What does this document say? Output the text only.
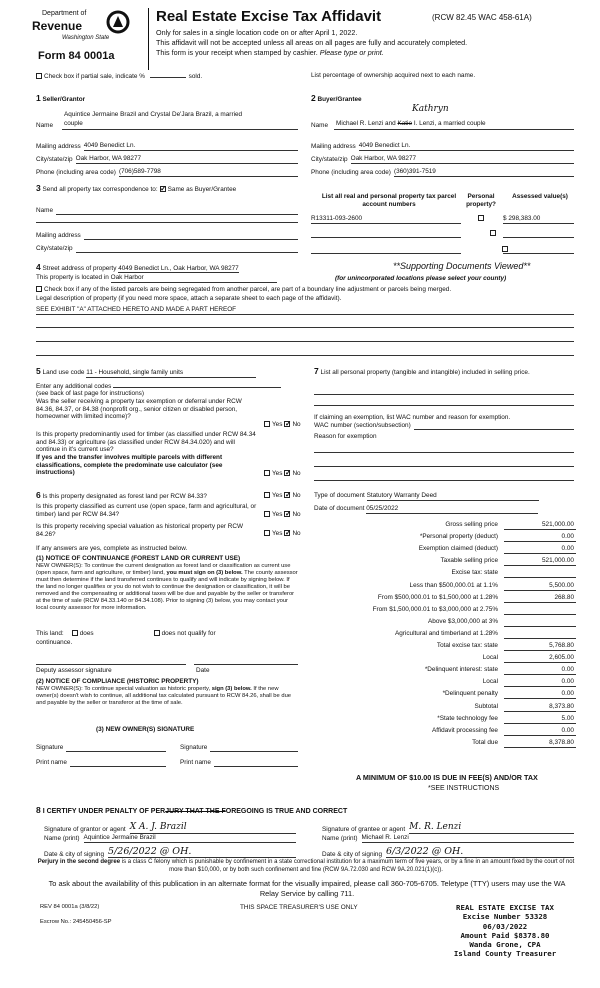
Department of
Revenue
Washington State
Form 84 0001a
Real Estate Excise Tax Affidavit	(RCW 82.45 WAC 458-61A)
Only for sales in a single location code on or after April 1, 2022.
This affidavit will not be accepted unless all areas on all pages are fully and accurately completed.
This form is your receipt when stamped by cashier. Please type or print.
Check box if partial sale, indicate %	sold.	List percentage of ownership acquired next to each name.
1 Seller/Grantor
Aquintice Jermaine Brazil and Crystal De'Jara Brazil, a married
Name	couple
Mailing address 4049 Benedict Ln.
City/state/zip Oak Harbor, WA 98277
Phone (including area code) (706)589-7798
2 Buyer/Grantee
Kathryn
Name	Michael R. Lenzi and Katie I. Lenzi, a married couple
Mailing address 4049 Benedict Ln.
City/state/zip Oak Harbor, WA 98277
Phone (including area code) (360)391-7519
3 Send all property tax correspondence to: ✓ Same as Buyer/Grantee
Name
Mailing address
City/state/zip
List all real and personal property tax parcel account numbers
Personal property?
Assessed value(s)
R13311-093-2600
	$ 298,383.00

4 Street address of property 4049 Benedict Ln., Oak Harbor, WA 98277	**Supporting Documents Viewed**
This property is located in Oak Harbor	(for unincorporated locations please select your county)
Check box if any of the listed parcels are being segregated from another parcel, are part of a boundary line adjustment or parcels being merged.
Legal description of property (if you need more space, attach a separate sheet to each page of the affidavit).
SEE EXHIBIT "A" ATTACHED HERETO AND MADE A PART HEREOF
5 Land use code 11 - Household, single family units
Enter any additional codes
(see back of last page for instructions)
Was the seller receiving a property tax exemption or deferral under RCW 84.36, 84.37, or 84.38 (nonprofit org., senior citizen or disabled person, homeowner with limited income)?
Yes ✓ No
Is this property predominantly used for timber (as classified under RCW 84.34 and 84.33) or agriculture (as classified under RCW 84.34.020) and will continue in it's current use?
If yes and the transfer involves multiple parcels with different classifications, complete the predominate use calculator (see instructions)	Yes ✓ No
7 List all personal property (tangible and intangible) included in selling price.
If claiming an exemption, list WAC number and reason for exemption.
WAC number (section/subsection)
Reason for exemption
6 Is this property designated as forest land per RCW 84.33?	Yes ✓ No
Is this property classified as current use (open space, farm and agricultural, or timber) land per RCW 84.34?	Yes ✓ No
Is this property receiving special valuation as historical property per RCW 84.26?	Yes ✓ No
If any answers are yes, complete as instructed below.
(1) NOTICE OF CONTINUANCE (FOREST LAND OR CURRENT USE)
NEW OWNER(S): To continue the current designation as forest land or classification as current use (open space, farm and agriculture, or timber) land, you must sign on (3) below. The county assessor must then determine if the land transferred continues to qualify and will indicate by signing below. If the land no longer qualifies or you do not wish to continue the designation or classification, it will be removed and the compensating or additional taxes will be due and payable by the seller or transferor at the time of sale (RCW 84.33.140 or 84.34.108). Prior to signing (3) below, you may contact your local county assessor for more information.
This land:	does	does not qualify for
continuance.
Deputy assessor signature	Date
(2) NOTICE OF COMPLIANCE (HISTORIC PROPERTY)
NEW OWNER(S): To continue special valuation as historic property, sign (3) below. If the new owner(s) doesn't wish to continue, all additional tax calculated pursuant to RCW 84.26, shall be due and payable by the seller or transferor at the time of sale.
(3) NEW OWNER(S) SIGNATURE
Signature	Signature
Print name	Print name
Type of document Statutory Warranty Deed
Date of document 05/25/2022
Gross selling price	521,000.00
*Personal property (deduct)	0.00
Exemption claimed (deduct)	0.00
Taxable selling price	521,000.00
Excise tax: state
Less than $500,000.01 at 1.1%	5,500.00
From $500,000.01 to $1,500,000 at 1.28%	268.80
From $1,500,000.01 to $3,000,000 at 2.75%
Above $3,000,000 at 3%
Agricultural and timberland at 1.28%
Total excise tax: state	5,768.80
Local	2,605.00
*Delinquent interest: state	0.00
Local	0.00
*Delinquent penalty	0.00
Subtotal	8,373.80
*State technology fee	5.00
Affidavit processing fee	0.00
Total due	8,378.80
A MINIMUM OF $10.00 IS DUE IN FEE(S) AND/OR TAX
*SEE INSTRUCTIONS
8 I CERTIFY UNDER PENALTY OF PERJURY THAT THE FOREGOING IS TRUE AND CORRECT
Signature of grantor or agent X A. J. Brazil
Name (print) Aquintice Jermaine Brazil
Date & city of signing 5/26/2022 @ OH.
Signature of grantee or agent M. R. Lenzi
Name (print) Michael R. Lenzi
Date & city of signing 6/3/2022 @ OH.
Perjury in the second degree is a class C felony which is punishable by confinement in a state correctional institution for a maximum term of five years, or by a fine in an amount fixed by the court of not more than $10,000, or by both such confinement and fine (RCW 9A.72.030 and RCW 9A.20.021(1)(c)).
To ask about the availability of this publication in an alternate format for the visually impaired, please call 360-705-6705. Teletype (TTY) users may use the WA Relay Service by calling 711.
REV 84 0001a (3/8/22)	THIS SPACE TREASURER'S USE ONLY
Escrow No.: 245450456-SP
REAL ESTATE EXCISE TAX
Excise Number 53328
06/03/2022
Amount Paid $8378.80
Wanda Grone, CPA
Island County Treasurer
